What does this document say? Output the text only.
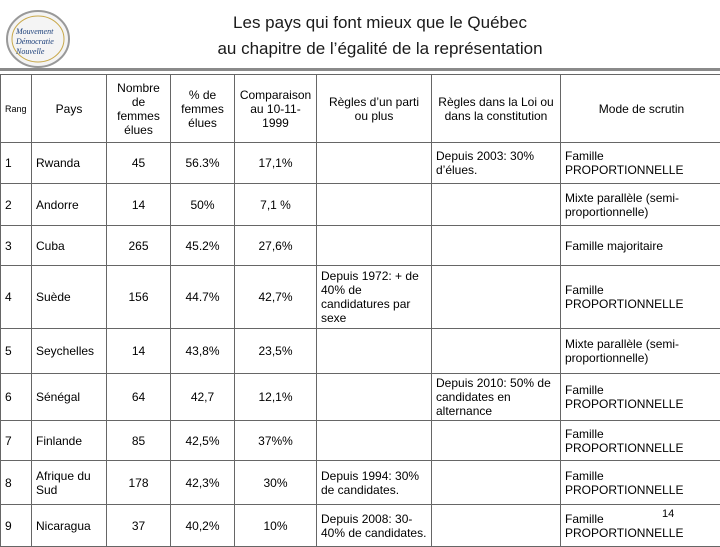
Mouvement
Démocratie
Nouvelle
Les pays qui font mieux que le Québec
au chapitre de l’égalité de la représentation
Rang	Pays	Nombre de femmes élues	% de femmes élues	Comparaison au 10-11-1999	Règles d’un parti ou plus	Règles dans la Loi ou dans la constitution	Mode de scrutin
1	Rwanda	45	56.3%	17,1%		Depuis 2003: 30% d’élues.	Famille PROPORTIONNELLE
2	Andorre	14	50%	7,1 %			Mixte parallèle (semi-proportionnelle)
3	Cuba	265	45.2%	27,6%			Famille majoritaire
4	Suède	156	44.7%	42,7%	Depuis 1972: + de 40% de candidatures par sexe		Famille PROPORTIONNELLE
5	Seychelles	14	43,8%	23,5%			Mixte parallèle (semi-proportionnelle)
6	Sénégal	64	42,7	12,1%		Depuis 2010: 50% de candidates en alternance	Famille PROPORTIONNELLE
7	Finlande	85	42,5%	37%%			Famille PROPORTIONNELLE
8	Afrique du Sud	178	42,3%	30%	Depuis 1994: 30% de candidates.		Famille PROPORTIONNELLE
9	Nicaragua	37	40,2%	10%	Depuis 2008: 30-40% de candidates.		Famille PROPORTIONNELLE
14
